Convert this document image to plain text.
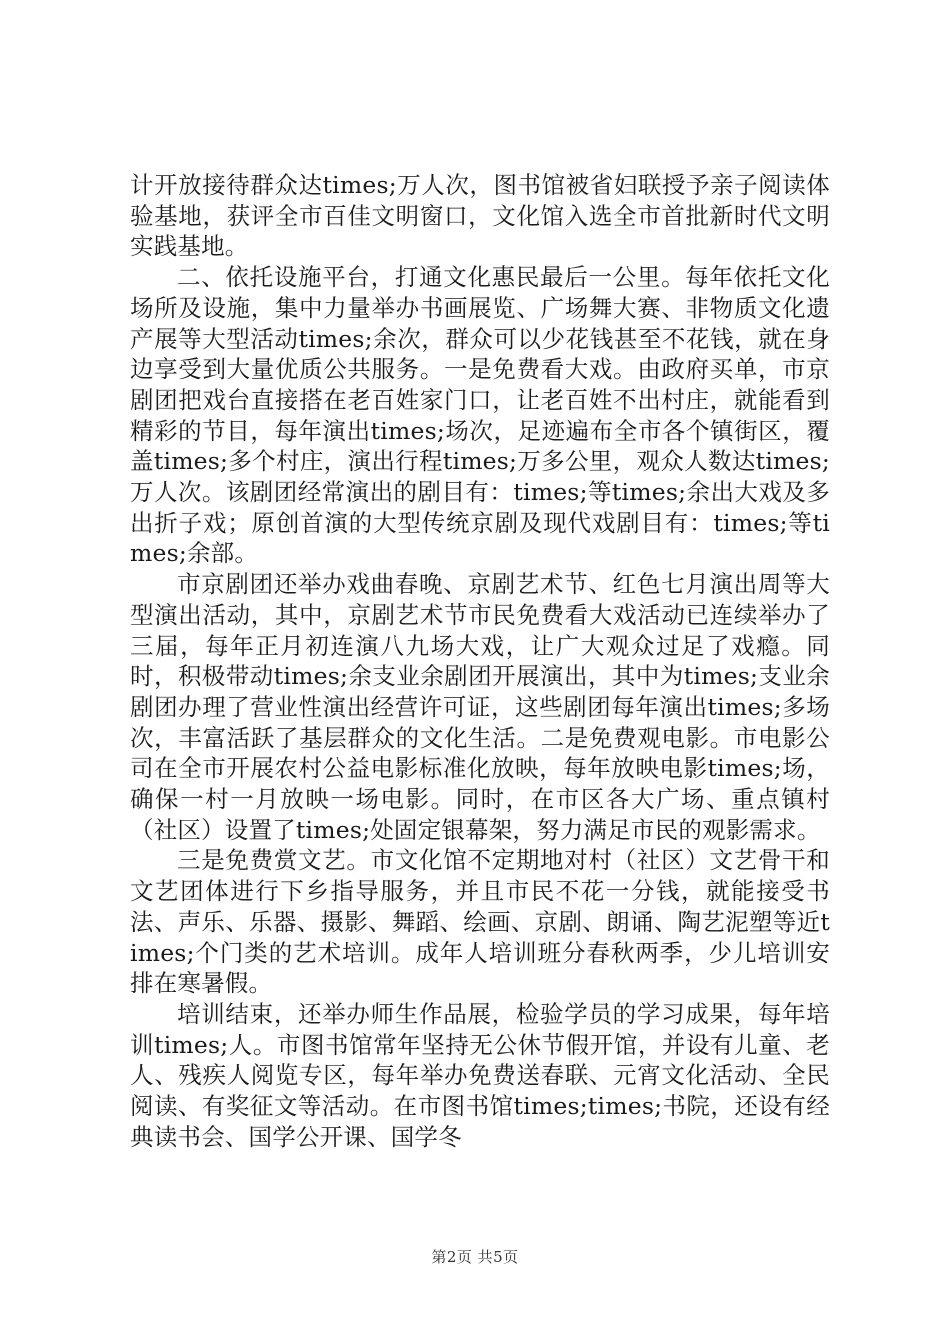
计开放接待群众达times;万人次，图书馆被省妇联授予亲子阅读体验基地，获评全市百佳文明窗口，文化馆入选全市首批新时代文明实践基地。

二、依托设施平台，打通文化惠民最后一公里。每年依托文化场所及设施，集中力量举办书画展览、广场舞大赛、非物质文化遗产展等大型活动times;余次，群众可以少花钱甚至不花钱，就在身边享受到大量优质公共服务。一是免费看大戏。由政府买单，市京剧团把戏台直接搭在老百姓家门口，让老百姓不出村庄，就能看到精彩的节目，每年演出times;场次，足迹遍布全市各个镇街区，覆盖times;多个村庄，演出行程times;万多公里，观众人数达times;万人次。该剧团经常演出的剧目有：times;等times;余出大戏及多出折子戏；原创首演的大型传统京剧及现代戏剧目有：times;等times;余部。

市京剧团还举办戏曲春晚、京剧艺术节、红色七月演出周等大型演出活动，其中，京剧艺术节市民免费看大戏活动已连续举办了三届，每年正月初连演八九场大戏，让广大观众过足了戏瘾。同时，积极带动times;余支业余剧团开展演出，其中为times;支业余剧团办理了营业性演出经营许可证，这些剧团每年演出times;多场次，丰富活跃了基层群众的文化生活。二是免费观电影。市电影公司在全市开展农村公益电影标准化放映，每年放映电影times;场，确保一村一月放映一场电影。同时，在市区各大广场、重点镇村（社区）设置了times;处固定银幕架，努力满足市民的观影需求。

三是免费赏文艺。市文化馆不定期地对村（社区）文艺骨干和文艺团体进行下乡指导服务，并且市民不花一分钱，就能接受书法、声乐、乐器、摄影、舞蹈、绘画、京剧、朗诵、陶艺泥塑等近times;个门类的艺术培训。成年人培训班分春秋两季，少儿培训安排在寒暑假。

培训结束，还举办师生作品展，检验学员的学习成果，每年培训times;人。市图书馆常年坚持无公休节假开馆，并设有儿童、老人、残疾人阅览专区，每年举办免费送春联、元宵文化活动、全民阅读、有奖征文等活动。在市图书馆times;times;书院，还设有经典读书会、国学公开课、国学冬

第2页 共5页
